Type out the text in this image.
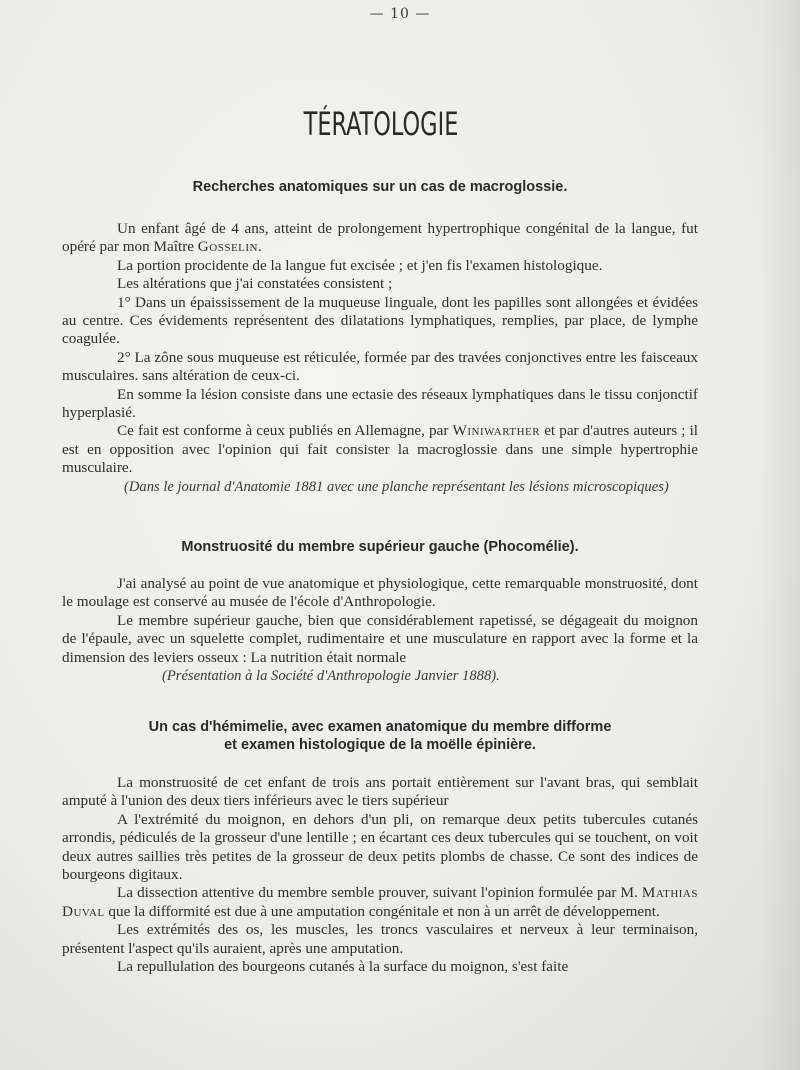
— 10 —
TÉRATOLOGIE
Recherches anatomiques sur un cas de macroglossie.
Un enfant âgé de 4 ans, atteint de prolongement hypertrophique congénital de la langue, fut opéré par mon Maître Gosselin.
La portion procidente de la langue fut excisée ; et j'en fis l'examen histologique.
Les altérations que j'ai constatées consistent ;
1° Dans un épaississement de la muqueuse linguale, dont les papilles sont allongées et évidées au centre. Ces évidements représentent des dilatations lymphatiques, remplies, par place, de lymphe coagulée.
2° La zône sous muqueuse est réticulée, formée par des travées conjonctives entre les faisceaux musculaires. sans altération de ceux-ci.
En somme la lésion consiste dans une ectasie des réseaux lymphatiques dans le tissu conjonctif hyperplasié.
Ce fait est conforme à ceux publiés en Allemagne, par Winiwarther et par d'autres auteurs ; il est en opposition avec l'opinion qui fait consister la macroglossie dans une simple hypertrophie musculaire.
(Dans le journal d'Anatomie 1881 avec une planche représentant les lésions microscopiques)
Monstruosité du membre supérieur gauche (Phocomélie).
J'ai analysé au point de vue anatomique et physiologique, cette remarquable monstruosité, dont le moulage est conservé au musée de l'école d'Anthropologie.
Le membre supérieur gauche, bien que considérablement rapetissé, se dégageait du moignon de l'épaule, avec un squelette complet, rudimentaire et une musculature en rapport avec la forme et la dimension des leviers osseux : La nutrition était normale
(Présentation à la Société d'Anthropologie Janvier 1888).
Un cas d'hémimelie, avec examen anatomique du membre difforme
et examen histologique de la moëlle épinière.
La monstruosité de cet enfant de trois ans portait entièrement sur l'avant bras, qui semblait amputé à l'union des deux tiers inférieurs avec le tiers supérieur
A l'extrémité du moignon, en dehors d'un pli, on remarque deux petits tubercules cutanés arrondis, pédiculés de la grosseur d'une lentille ; en écartant ces deux tubercules qui se touchent, on voit deux autres saillies très petites de la grosseur de deux petits plombs de chasse. Ce sont des indices de bourgeons digitaux.
La dissection attentive du membre semble prouver, suivant l'opinion formulée par M. Mathias Duval que la difformité est due à une amputation congénitale et non à un arrêt de développement.
Les extrémités des os, les muscles, les troncs vasculaires et nerveux à leur terminaison, présentent l'aspect qu'ils auraient, après une amputation.
La repullulation des bourgeons cutanés à la surface du moignon, s'est faite
